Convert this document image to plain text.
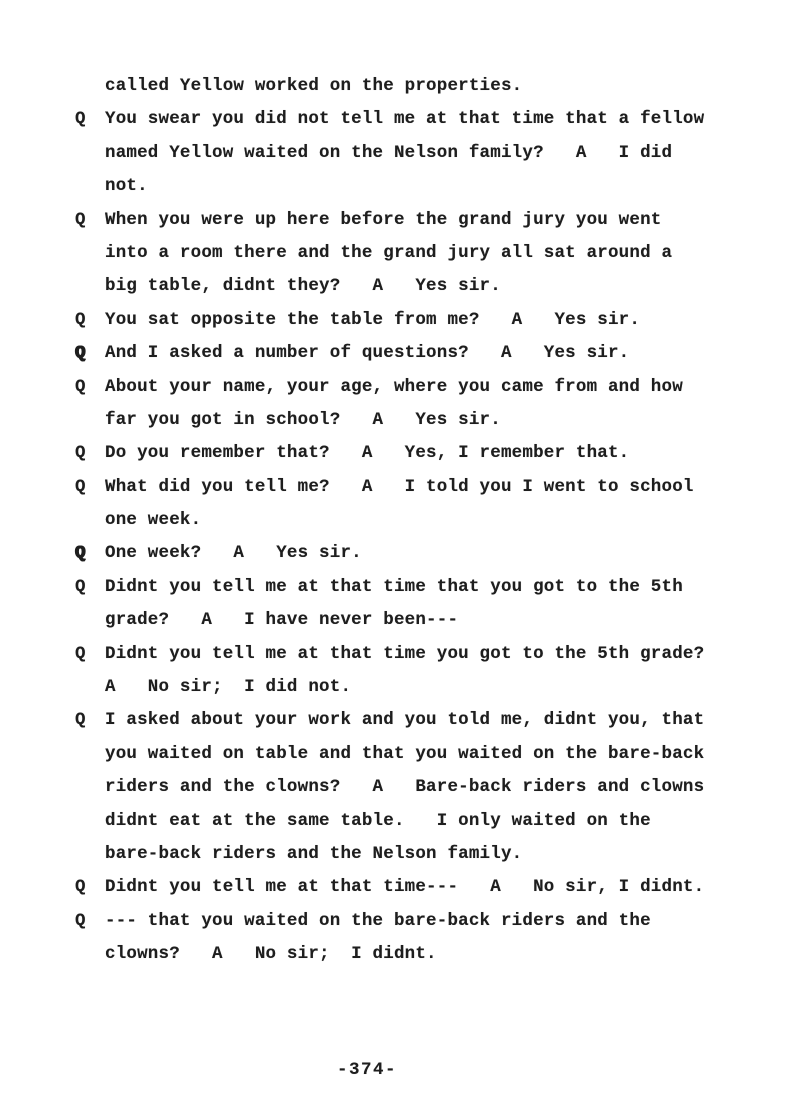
called Yellow worked on the properties.
Q	You swear you did not tell me at that time that a fellow
named Yellow waited on the Nelson family?   A   I did
not.
Q	When you were up here before the grand jury you went
into a room there and the grand jury all sat around a
big table, didnt they?   A   Yes sir.
Q	You sat opposite the table from me?   A   Yes sir.
Q	And I asked a number of questions?   A   Yes sir.
Q	About your name, your age, where you came from and how
far you got in school?   A   Yes sir.
Q	Do you remember that?   A   Yes, I remember that.
Q	What did you tell me?   A   I told you I went to school
one week.
Q	One week?   A   Yes sir.
Q	Didnt you tell me at that time that you got to the 5th
grade?   A   I have never been---
Q	Didnt you tell me at that time you got to the 5th grade?
A   No sir;  I did not.
Q	I asked about your work and you told me, didnt you, that
you waited on table and that you waited on the bare-back
riders and the clowns?   A   Bare-back riders and clowns
didnt eat at the same table.   I only waited on the
bare-back riders and the Nelson family.
Q	Didnt you tell me at that time---   A   No sir, I didnt.
Q	--- that you waited on the bare-back riders and the
clowns?   A   No sir;  I didnt.
-374-
